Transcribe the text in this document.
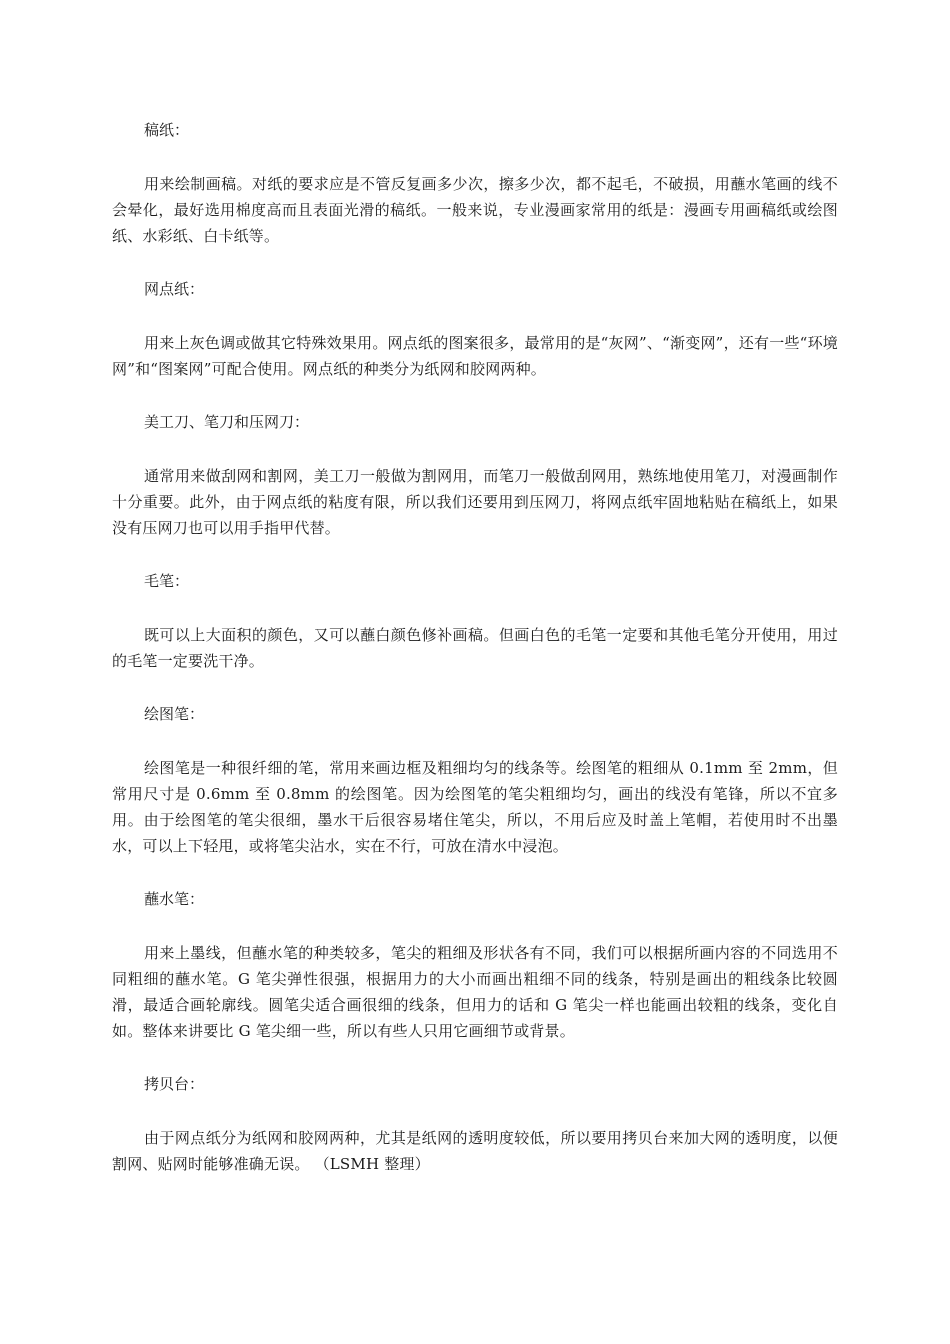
稿纸：

用来绘制画稿。对纸的要求应是不管反复画多少次，擦多少次，都不起毛，不破损，用蘸水笔画的线不会晕化，最好选用棉度高而且表面光滑的稿纸。一般来说，专业漫画家常用的纸是：漫画专用画稿纸或绘图纸、水彩纸、白卡纸等。

网点纸：

用来上灰色调或做其它特殊效果用。网点纸的图案很多，最常用的是“灰网”、“渐变网”，还有一些“环境网”和“图案网”可配合使用。网点纸的种类分为纸网和胶网两种。

美工刀、笔刀和压网刀：

通常用来做刮网和割网，美工刀一般做为割网用，而笔刀一般做刮网用，熟练地使用笔刀，对漫画制作十分重要。此外，由于网点纸的粘度有限，所以我们还要用到压网刀，将网点纸牢固地粘贴在稿纸上，如果没有压网刀也可以用手指甲代替。

毛笔：

既可以上大面积的颜色，又可以蘸白颜色修补画稿。但画白色的毛笔一定要和其他毛笔分开使用，用过的毛笔一定要洗干净。

绘图笔：

绘图笔是一种很纤细的笔，常用来画边框及粗细均匀的线条等。绘图笔的粗细从 0.1mm 至 2mm，但常用尺寸是 0.6mm 至 0.8mm 的绘图笔。因为绘图笔的笔尖粗细均匀，画出的线没有笔锋，所以不宜多用。由于绘图笔的笔尖很细，墨水干后很容易堵住笔尖，所以，不用后应及时盖上笔帽，若使用时不出墨水，可以上下轻甩，或将笔尖沾水，实在不行，可放在清水中浸泡。

蘸水笔：

用来上墨线，但蘸水笔的种类较多，笔尖的粗细及形状各有不同，我们可以根据所画内容的不同选用不同粗细的蘸水笔。G 笔尖弹性很强，根据用力的大小而画出粗细不同的线条，特别是画出的粗线条比较圆滑，最适合画轮廓线。圆笔尖适合画很细的线条，但用力的话和 G 笔尖一样也能画出较粗的线条，变化自如。整体来讲要比 G 笔尖细一些，所以有些人只用它画细节或背景。

拷贝台：

由于网点纸分为纸网和胶网两种，尤其是纸网的透明度较低，所以要用拷贝台来加大网的透明度，以便割网、贴网时能够准确无误。 （LSMH 整理）
